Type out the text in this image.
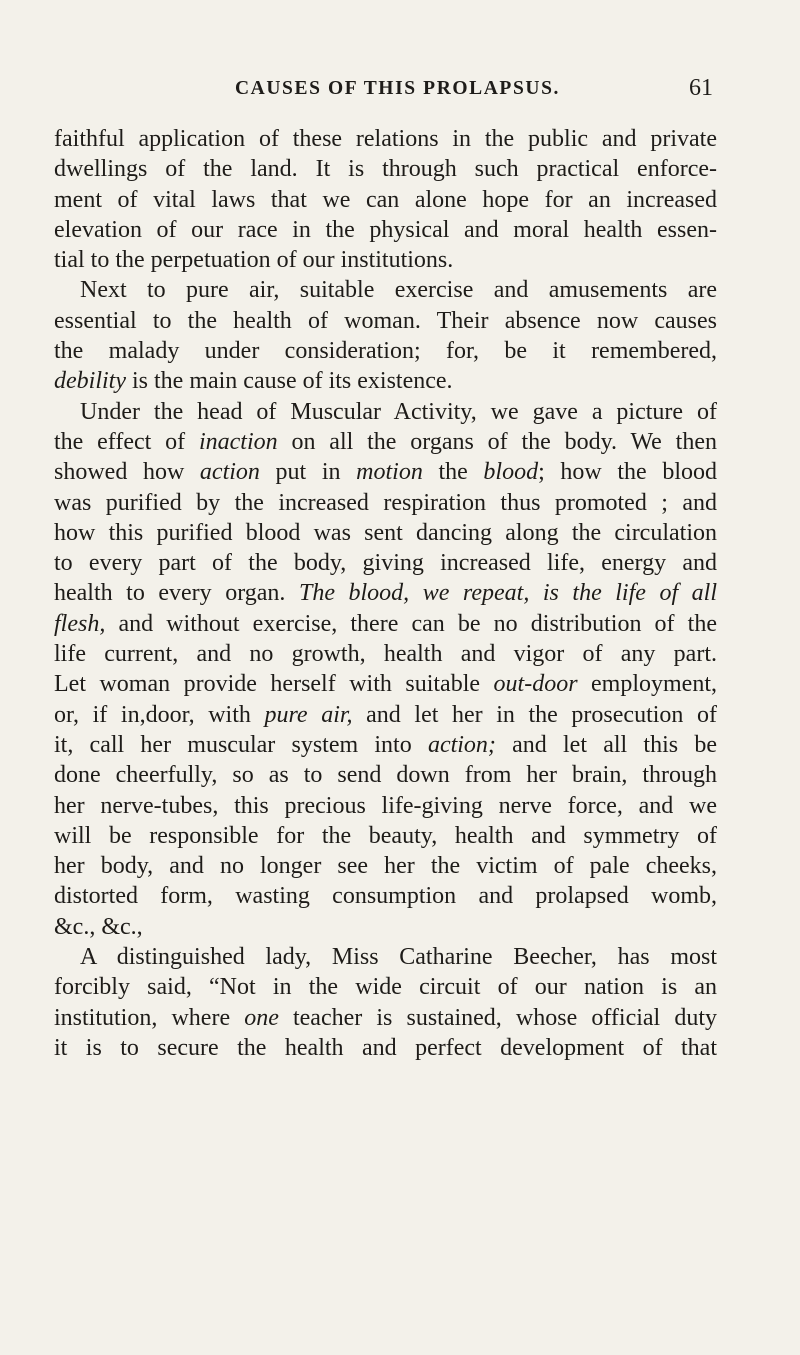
CAUSES OF THIS PROLAPSUS.	61
faithful application of these relations in the public and private
dwellings of the land. It is through such practical enforce-
ment of vital laws that we can alone hope for an increased
elevation of our race in the physical and moral health essen-
tial to the perpetuation of our institutions.
Next to pure air, suitable exercise and amusements are
essential to the health of woman. Their absence now causes
the malady under consideration; for, be it remembered,
debility is the main cause of its existence.
Under the head of Muscular Activity, we gave a picture of
the effect of inaction on all the organs of the body. We then
showed how action put in motion the blood; how the blood
was purified by the increased respiration thus promoted ; and
how this purified blood was sent dancing along the circulation
to every part of the body, giving increased life, energy and
health to every organ. The blood, we repeat, is the life of all
flesh, and without exercise, there can be no distribution of the
life current, and no growth, health and vigor of any part.
Let woman provide herself with suitable out-door employment,
or, if in,door, with pure air, and let her in the prosecution of
it, call her muscular system into action; and let all this be
done cheerfully, so as to send down from her brain, through
her nerve-tubes, this precious life-giving nerve force, and we
will be responsible for the beauty, health and symmetry of
her body, and no longer see her the victim of pale cheeks,
distorted form, wasting consumption and prolapsed womb,
&c., &c.,
A distinguished lady, Miss Catharine Beecher, has most
forcibly said, “Not in the wide circuit of our nation is an
institution, where one teacher is sustained, whose official duty
it is to secure the health and perfect development of that
